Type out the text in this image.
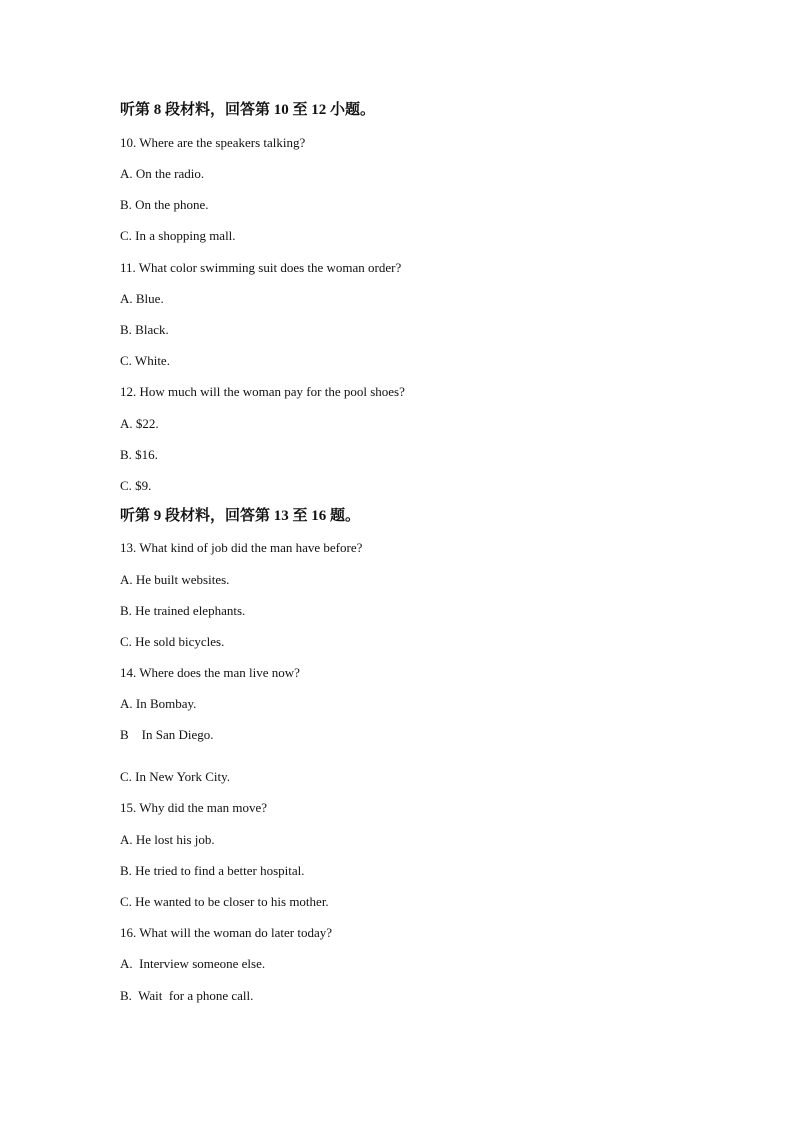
听第 8 段材料，回答第 10 至 12 小题。
10. Where are the speakers talking?
A. On the radio.
B. On the phone.
C. In a shopping mall.
11. What color swimming suit does the woman order?
A. Blue.
B. Black.
C. White.
12. How much will the woman pay for the pool shoes?
A. $22.
B. $16.
C. $9.
听第 9 段材料，回答第 13 至 16 题。
13. What kind of job did the man have before?
A. He built websites.
B. He trained elephants.
C. He sold bicycles.
14. Where does the man live now?
A. In Bombay.
B    In San Diego.
C. In New York City.
15. Why did the man move?
A. He lost his job.
B. He tried to find a better hospital.
C. He wanted to be closer to his mother.
16. What will the woman do later today?
A.  Interview someone else.
B.  Wait  for a phone call.
